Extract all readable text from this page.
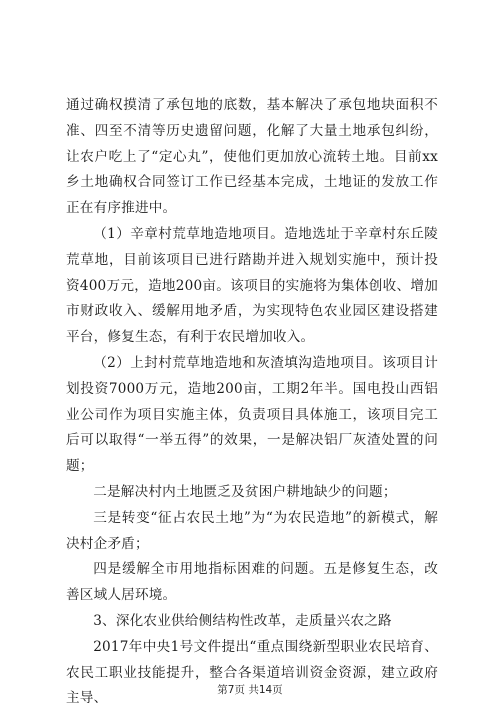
通过确权摸清了承包地的底数，基本解决了承包地块面积不准、四至不清等历史遗留问题，化解了大量土地承包纠纷，让农户吃上了“定心丸”，使他们更加放心流转土地。目前xx乡土地确权合同签订工作已经基本完成，土地证的发放工作正在有序推进中。

（1）辛章村荒草地造地项目。造地选址于辛章村东丘陵荒草地，目前该项目已进行踏勘并进入规划实施中，预计投资400万元，造地200亩。该项目的实施将为集体创收、增加市财政收入、缓解用地矛盾，为实现特色农业园区建设搭建平台，修复生态，有利于农民增加收入。

（2）上封村荒草地造地和灰渣填沟造地项目。该项目计划投资7000万元，造地200亩，工期2年半。国电投山西铝业公司作为项目实施主体，负责项目具体施工，该项目完工后可以取得“一举五得”的效果，一是解决铝厂灰渣处置的问题；

二是解决村内土地匮乏及贫困户耕地缺少的问题；

三是转变“征占农民土地”为“为农民造地”的新模式，解决村企矛盾；

四是缓解全市用地指标困难的问题。五是修复生态，改善区域人居环境。

3、深化农业供给侧结构性改革，走质量兴农之路

2017年中央1号文件提出“重点围绕新型职业农民培育、农民工职业技能提升，整合各渠道培训资金资源，建立政府主导、

第7页 共14页
